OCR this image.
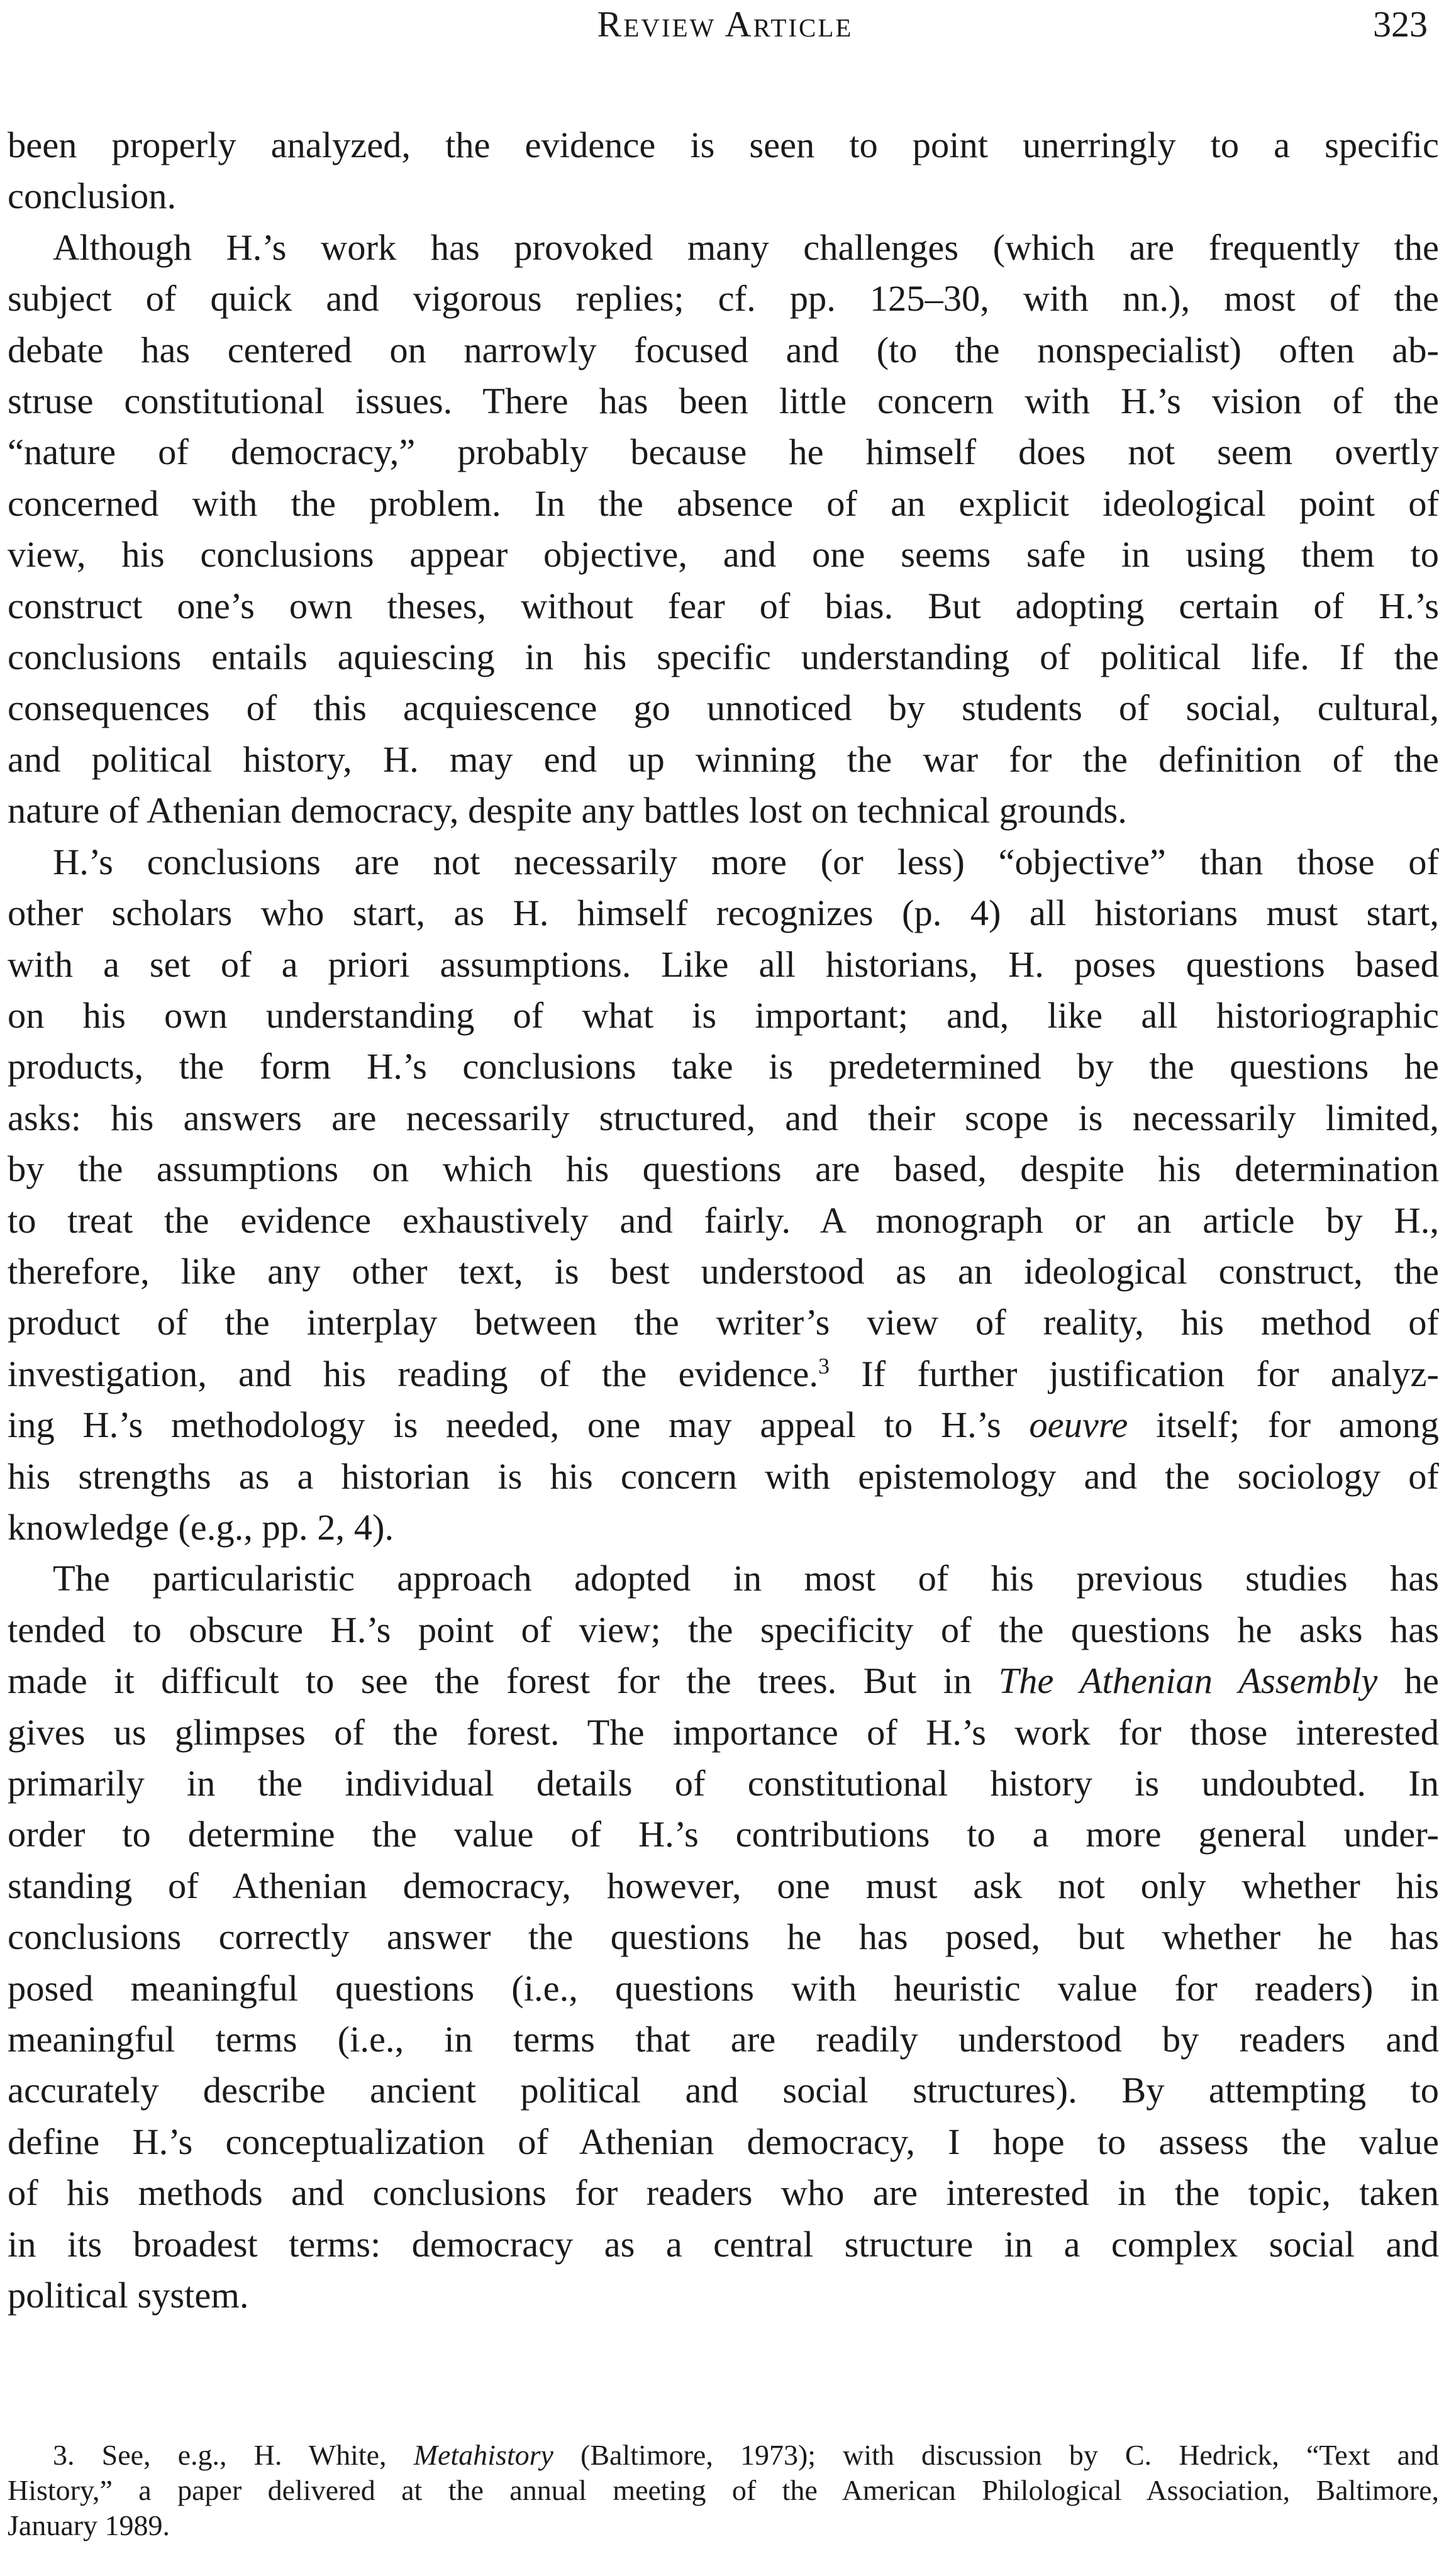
Review Article	323

been properly analyzed, the evidence is seen to point unerringly to a specific
conclusion.

Although H.’s work has provoked many challenges (which are frequently the
subject of quick and vigorous replies; cf. pp. 125–30, with nn.), most of the
debate has centered on narrowly focused and (to the nonspecialist) often ab-
struse constitutional issues. There has been little concern with H.’s vision of the
“nature of democracy,” probably because he himself does not seem overtly
concerned with the problem. In the absence of an explicit ideological point of
view, his conclusions appear objective, and one seems safe in using them to
construct one’s own theses, without fear of bias. But adopting certain of H.’s
conclusions entails aquiescing in his specific understanding of political life. If the
consequences of this acquiescence go unnoticed by students of social, cultural,
and political history, H. may end up winning the war for the definition of the
nature of Athenian democracy, despite any battles lost on technical grounds.

H.’s conclusions are not necessarily more (or less) “objective” than those of
other scholars who start, as H. himself recognizes (p. 4) all historians must start,
with a set of a priori assumptions. Like all historians, H. poses questions based
on his own understanding of what is important; and, like all historiographic
products, the form H.’s conclusions take is predetermined by the questions he
asks: his answers are necessarily structured, and their scope is necessarily limited,
by the assumptions on which his questions are based, despite his determination
to treat the evidence exhaustively and fairly. A monograph or an article by H.,
therefore, like any other text, is best understood as an ideological construct, the
product of the interplay between the writer’s view of reality, his method of
investigation, and his reading of the evidence.$^3$ If further justification for analyz-
ing H.’s methodology is needed, one may appeal to H.’s oeuvre itself; for among
his strengths as a historian is his concern with epistemology and the sociology of
knowledge (e.g., pp. 2, 4).

The particularistic approach adopted in most of his previous studies has
tended to obscure H.’s point of view; the specificity of the questions he asks has
made it difficult to see the forest for the trees. But in The Athenian Assembly he
gives us glimpses of the forest. The importance of H.’s work for those interested
primarily in the individual details of constitutional history is undoubted. In
order to determine the value of H.’s contributions to a more general under-
standing of Athenian democracy, however, one must ask not only whether his
conclusions correctly answer the questions he has posed, but whether he has
posed meaningful questions (i.e., questions with heuristic value for readers) in
meaningful terms (i.e., in terms that are readily understood by readers and
accurately describe ancient political and social structures). By attempting to
define H.’s conceptualization of Athenian democracy, I hope to assess the value
of his methods and conclusions for readers who are interested in the topic, taken
in its broadest terms: democracy as a central structure in a complex social and
political system.

3. See, e.g., H. White, Metahistory (Baltimore, 1973); with discussion by C. Hedrick, “Text and
History,” a paper delivered at the annual meeting of the American Philological Association, Baltimore,
January 1989.
